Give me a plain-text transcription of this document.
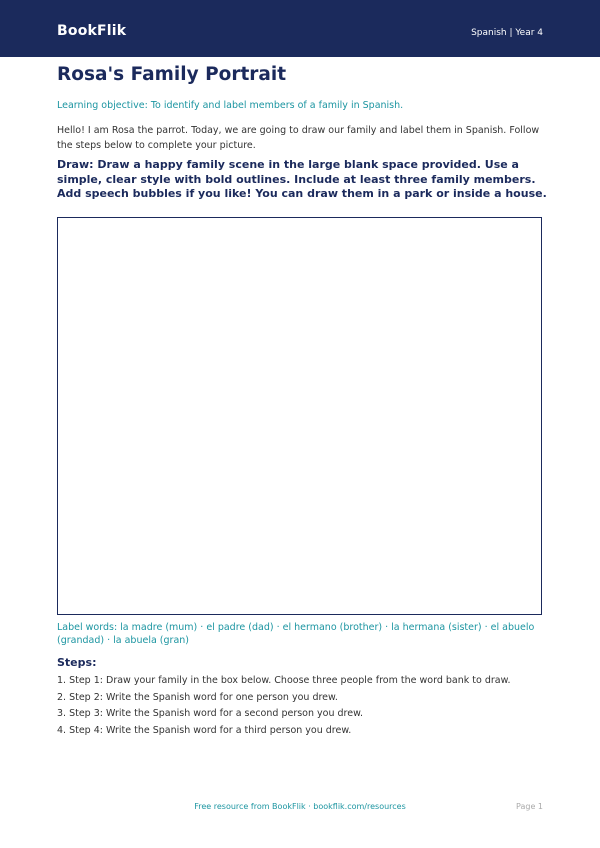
BookFlik	Spanish | Year 4
Rosa's Family Portrait
Learning objective: To identify and label members of a family in Spanish.
Hello! I am Rosa the parrot. Today, we are going to draw our family and label them in Spanish. Follow the steps below to complete your picture.
Draw: Draw a happy family scene in the large blank space provided. Use a simple, clear style with bold outlines. Include at least three family members. Add speech bubbles if you like! You can draw them in a park or inside a house.
Label words: la madre (mum) · el padre (dad) · el hermano (brother) · la hermana (sister) · el abuelo (grandad) · la abuela (gran)
Steps:
1. Step 1: Draw your family in the box below. Choose three people from the word bank to draw.
2. Step 2: Write the Spanish word for one person you drew.
3. Step 3: Write the Spanish word for a second person you drew.
4. Step 4: Write the Spanish word for a third person you drew.
Free resource from BookFlik · bookflik.com/resources	Page 1
